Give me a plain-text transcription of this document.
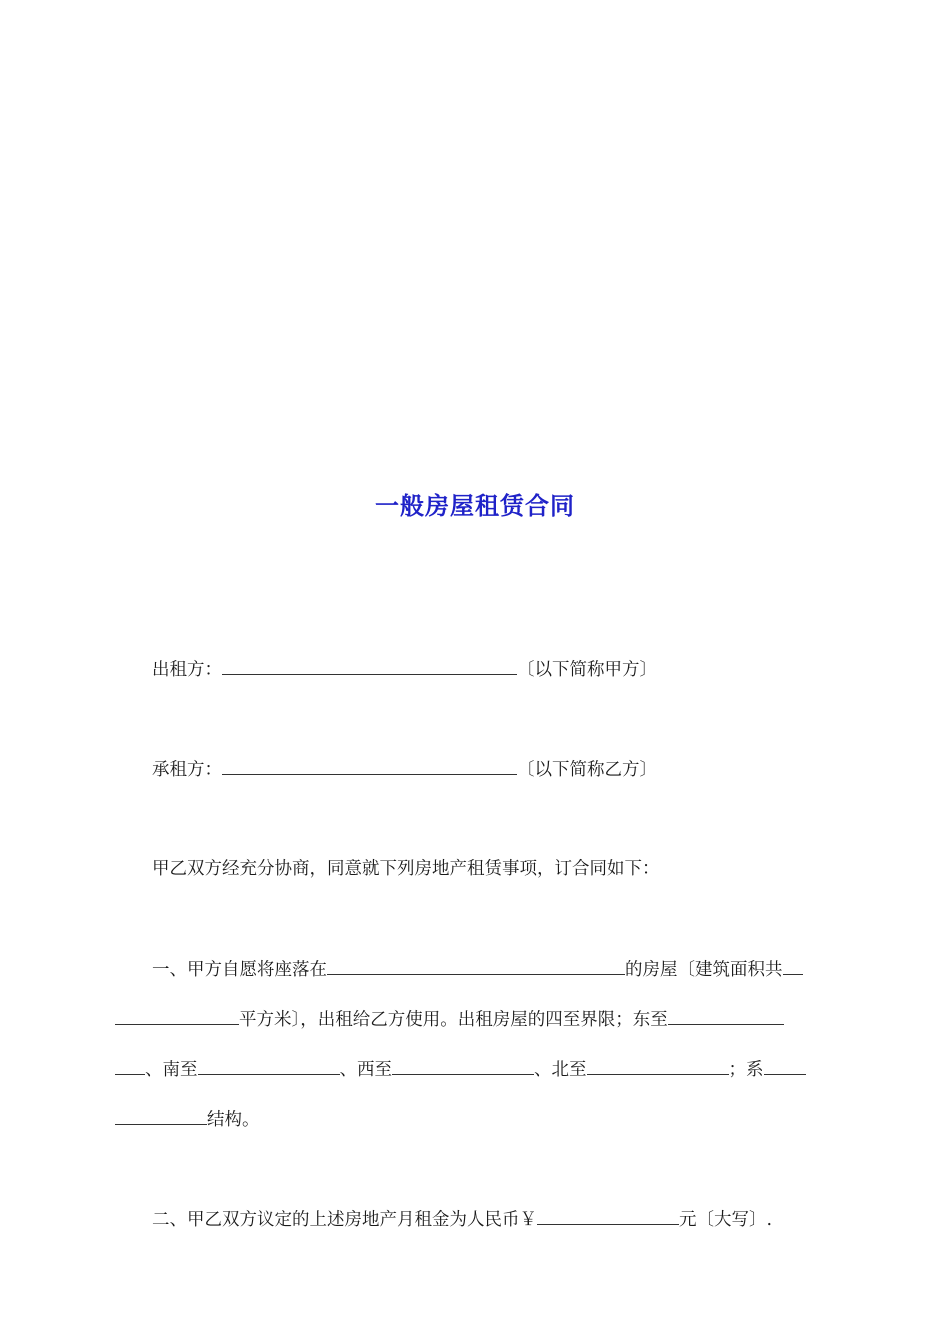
一般房屋租赁合同
出租方：	〔以下简称甲方〕
承租方：	〔以下简称乙方〕
甲乙双方经充分协商，同意就下列房地产租赁事项，订合同如下：
一、甲方自愿将座落在	的房屋〔建筑面积共
平方米〕，出租给乙方使用。出租房屋的四至界限；东至
、南至	、西至	、北至	；系
结构。
二、甲乙双方议定的上述房地产月租金为人民币￥	元〔大写〕.
